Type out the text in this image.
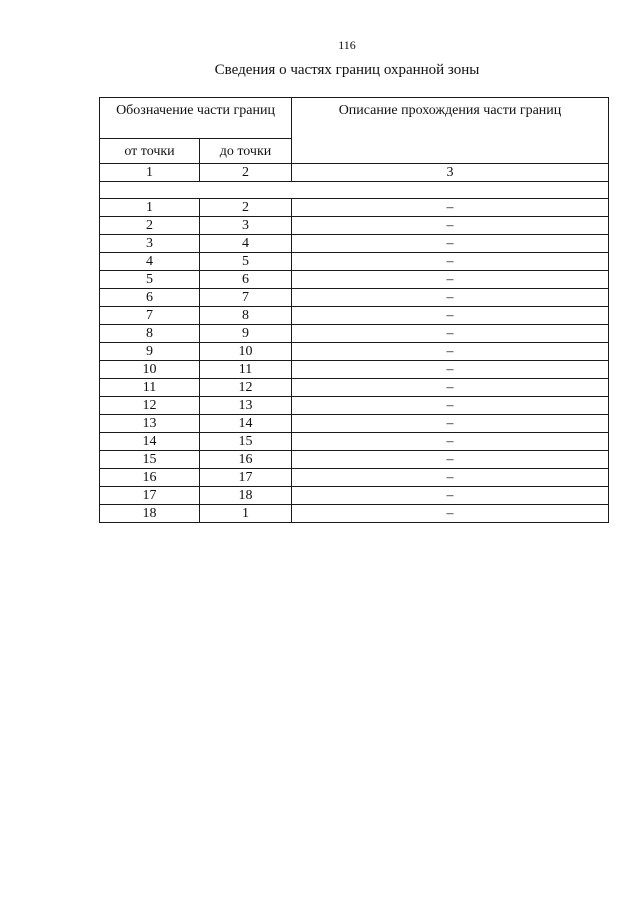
116
Сведения о частях границ охранной зоны
Обозначение части границ		Описание прохождения части границ
от точки	до точки	
1	2	3

1	2	–
2	3	–
3	4	–
4	5	–
5	6	–
6	7	–
7	8	–
8	9	–
9	10	–
10	11	–
11	12	–
12	13	–
13	14	–
14	15	–
15	16	–
16	17	–
17	18	–
18	1	–
